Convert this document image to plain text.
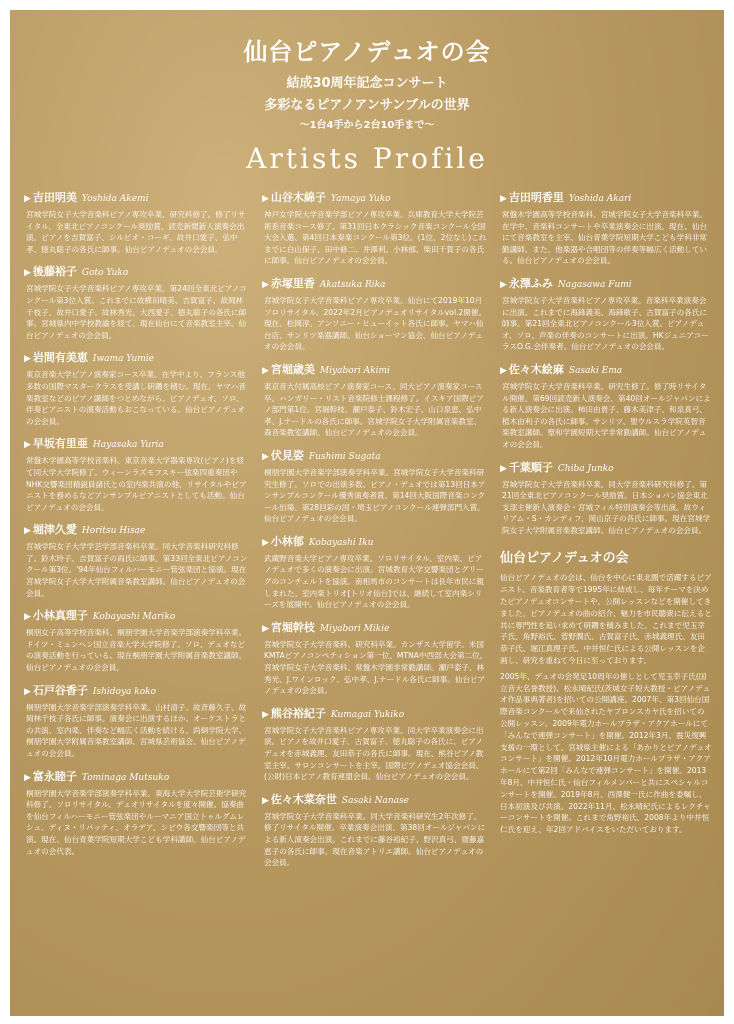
仙台ピアノデュオの会
結成30周年記念コンサート
多彩なるピアノアンサンブルの世界
〜1台4手から2台10手まで〜
Artists Profile
▶ 吉田明美 Yoshida Akemi
宮城学院女子大学音楽科ピアノ専攻卒業、研究科修了。修了リサイタル、全東北ピアノコンクール奨励賞、読売新聞新人演奏会出演。ピアノを吉賀富子、シルビオ・コーギ、故井口愛子、弘中孝、徳丸聡子の各氏に師事。仙台ピアノデュオの会会員。
▶ 後藤裕子 Goto Yuko
宮城学院女子大学音楽科ピアノ専攻卒業。第24回全東北ピアノコンクール第3位入賞。これまでに故横田晴美、吉賀富子、故岡林千枝子、故井口愛子、故林秀光、大西愛子、徳丸聡子の各氏に師事。宮城県内中学校教諭を経て、現在仙台にて音楽教室主宰。仙台ピアノデュオの会会員。
▶ 岩間有美恵 Iwama Yumie
東京音楽大学ピアノ演奏家コース卒業。在学中より、フランス他多数の国際マスタークラスを受講し研鑽を積む。現在、ヤマハ音楽教室などのピアノ講師をつとめながら、ピアノデュオ、ソロ、伴奏ピアニストの演奏活動もおこなっている。仙台ピアノデュオの会会員。
▶ 早坂有里亜 Hayasaka Yuria
常盤木学園高等学校音楽科、東京音楽大学器楽専攻(ピアノ)を経て同大学大学院修了。ウィーンラズモフスキー弦楽四重奏団やNHK交響楽団精鋭員諸氏との室内楽共演の他、リサイタルやピアニストを務めるなどアンサンブルピアニストとしても活動。仙台ピアノデュオの会会員。
▶ 堀津久愛 Horitsu Hisae
宮城学院女子大学学芸学部音楽科卒業。同大学音楽科研究科修了。鈴木玲子、吉賀富子の両氏に師事。第33回全東北ピアノコンクール第3位。'94年仙台フィルハーモニー管弦楽団と協演。現在宮城学院女子大学大学附属音楽教室講師。仙台ピアノデュオの会会員。
▶ 小林真理子 Kobayashi Mariko
桐朋女子高等学校音楽科、桐朋学園大学音楽学部演奏学科卒業。ドイツ・ミュンヘン国立音楽大学大学院修了。ソロ、デュオなどの演奏活動を行っている。現在桐朋学園大学附属音楽教室講師。仙台ピアノデュオの会会員。
▶ 石戸谷香子 Ishidoya koko
桐朋学園大学音楽学部演奏学科卒業。山村清子、故斉藤久子、故岡林千枝子各氏に師事。演奏会に出演するほか、オーケストラとの共演、室内楽、伴奏など幅広く活動を続ける。尚絅学院大学、桐朋学園大学附属音楽教室講師、宮城県芸術協会、仙台ピアノデュオの会会員。
▶ 富永睦子 Tominaga Mutsuko
桐朋学園大学音楽学部演奏学科卒業。東海大学大学院芸術学研究科修了。ソロリサイタル、デュオリサイタルを度々開催。協奏曲を仙台フィルハーモニー管弦楽団やルーマニア国立トゥルグムレシュ、ディヌ・リパッティ、オラデア、シビウ各交響楽団等と共演。現在、仙台青葉学院短期大学こども学科講師。仙台ピアノデュオの会代表。
▶ 山谷木綿子 Yamaya Yuko
神戸女学院大学音楽学部ピアノ専攻卒業。兵庫教育大学大学院芸術系音楽コース修了。第31回日本クラシック音楽コンクール全国大会入選、第4回日本奏楽コンクール第3位。(1位、2位なし)これまでに白山保子、田中修二、井澤利、小林郁、柴田千賀子の各氏に師事。仙台ピアノデュオの会会員。
▶ 赤塚里香 Akatsuka Rika
宮城学院女子大学音楽科ピアノ専攻卒業。仙台にて2019年10月ソロリサイタル、2022年2月ピアノデュオリサイタルvol.2開催。現在、松岡淳、アンソニー・ヒューイット各氏に師事。ヤマハ仙台店、サンリツ楽器講師。仙台ショーマン協会、仙台ピアノデュオの会会員。
▶ 宮堀歳美 Miyabori Akimi
東京音大付属高校ピアノ演奏家コース、同大ピアノ演奏家コース卒。ハンガリー・リスト音楽院修士課程修了。イスキア国際ピアノ部門第1位。宮堀幹枝、瀬戸泰子、鈴木宏子、山口泉恵、弘中孝、J.ナードルの各氏に師事。宮城学院女子大学附属音楽教室、森音楽教室講師。仙台ピアノデュオの会会員。
▶ 伏見姿 Fushimi Sugata
桐朋学園大学音楽学部演奏学科卒業。宮城学院女子大学音楽科研究生修了。ソロでの出演多数。ピアノ・デュオでは第13回日本アンサンブルコンクール優秀演奏者賞、第14回大阪国際音楽コンクール出場、第28回彩の国・埼玉ピアノコンクール連弾部門入賞。仙台ピアノデュオの会会員。
▶ 小林郁 Kobayashi Iku
武蔵野音楽大学ピアノ専攻卒業。ソロリサイタル、室内楽、ピアノデュオで多くの演奏会に出演。宮城教育大学交響楽団とグリーグのコンチェルトを協演。南相馬市のコンサートは長年市民に親しまれた。室内楽トリオ[トリオ仙台]では、継続して室内楽シリーズを展開中。仙台ピアノデュオの会会員。
▶ 宮堀幹枝 Miyabori Mikie
宮城学院女子大学音楽科、研究科卒業。カンザス大学留学。米国KMTAピアノコンペティション第一位、MTNA中西部大会第二位。宮城学院女子大学音楽科、常盤木学園非常勤講師。瀬戸泰子、林秀光、J.ワインロック、弘中孝、J.ナードル各氏に師事。仙台ピアノデュオの会会員。
▶ 熊谷裕紀子 Kumagai Yukiko
宮城学院女子大学音楽科ピアノ専攻卒業。同大学卒業演奏会に出演。ピアノを故井口愛子、古賀富子、徳丸聡子の各氏に、ピアノデュオを赤城義理、友田恭子の各氏に師事。現在、熊谷ピアノ教室主宰。サロンコンサートを主宰。国際ピアノデュオ協会会員、(公財)日本ピアノ教育連盟会員、仙台ピアノデュオの会会員。
▶ 佐々木菜奈世 Sasaki Nanase
宮城学院女子大学音楽科卒業。同大学音楽科研究生2年次修了。修了リサイタル開催。卒業演奏会出演、第38回オールジャパンによる新人演奏会出演。これまでに藤谷裕紀子、野沢真弓、齋藤嘉恵子の各氏に師事。現在音楽アトリエ講師。仙台ピアノデュオの会会員。
▶ 吉田明香里 Yoshida Akari
常盤木学園高等学校音楽科、宮城学院女子大学音楽科卒業。在学中、音楽科コンサートや卒業演奏会に出演。現在、仙台にて音楽教室を主宰、仙台青葉学院短期大学こども学科非常勤講師。また、他楽器や合唱団等の伴奏等幅広く活動している。仙台ピアノデュオの会会員。
▶ 永澤ふみ Nagasawa Fumi
宮城学院女子大学音楽科ピアノ専攻卒業。音楽科卒業演奏会に出演。これまでに海鋒義美、海鋒歌子、古賀富子の各氏に師事。第21回全東北ピアノコンクール3位入賞。ピアノデュオ、ソロ、声楽の伴奏のコンサートに出演。HKジュニアコーラスO.G.会伴奏者。仙台ピアノデュオの会会員。
▶ 佐々木絵麻 Sasaki Ema
宮城学院女子大学音楽科卒業。研究生修了。修了時リサイタル開催。第69回読売新人演奏会、第40回オールジャパンによる新人演奏会に出演。柿田由貴子、藤木美津子、和泉真弓、植木由利子の各氏に師事。サンリツ、聖ウルスラ学院英智音楽教室講師。聖和学園短期大学非常勤講師。仙台ピアノデュオの会会員。
▶ 千葉順子 Chiba Junko
宮城学院女子大学音楽科卒業。同大学音楽科研究科修了。第21回全東北ピアノコンクール奨励賞。日本ショパン協会東北支部主催新人演奏会・宮城フィル特別演奏会等出演。故ウィリアム・S・カンディフ、岡山京子の各氏に師事。現在宮城学院女子大学附属音楽教室講師。仙台ピアノデュオの会会員。
仙台ピアノデュオの会

仙台ピアノデュオの会は、仙台を中心に東北圏で活躍するピアニスト、音楽教育者等で1995年に結成し、毎年テーマを決めたピアノデュオコンサートや、公開レッスンなどを開催してきました。ピアノデュオの曲の紹介、魅力を市民聴衆に伝えると共に専門性を追い求めて研鑽を積みました。これまで児玉幸子氏、角野裕氏、菅野潤氏、古賀富子氏、赤城義理氏、友田恭子氏、堀江真理子氏、中井恒仁氏による公開レッスンを企画し、研究を重ねて今日に至っております。

2005年、デュオの会発足10周年の催しとして児玉幸子氏(国立音大名誉教授)、松永晴紀氏(茨城女子短大教授・ピアノデュオ作品事典著者)を招いての公開講座。2007年、第3回仙台国際音楽コンクールで来仙されたヤブロンスカヤ氏を招いての公開レッスン。2009年電力ホールプラザ・アクアホールにて「みんなで連弾コンサート」を開催。2012年3月、震災復興支援の一環として、宮城県主催による「あかりとピアノデュオコンサート」を開催。2012年10月電力ホールプラザ・アクアホールにて第2回「みんなで連弾コンサート」を開催。2013年8月、中井恒仁氏・仙台フィルメンバーと共にスペシャルコンサートを開催。2019年8月、西澤健一氏に作曲を委嘱し、日本初演及び共演。2022年11月、松永晴紀氏によるレクチャーコンサートを開催。これまで角野裕氏、2008年より中井恒仁氏を迎え、年2回アドバイスをいただいております。
